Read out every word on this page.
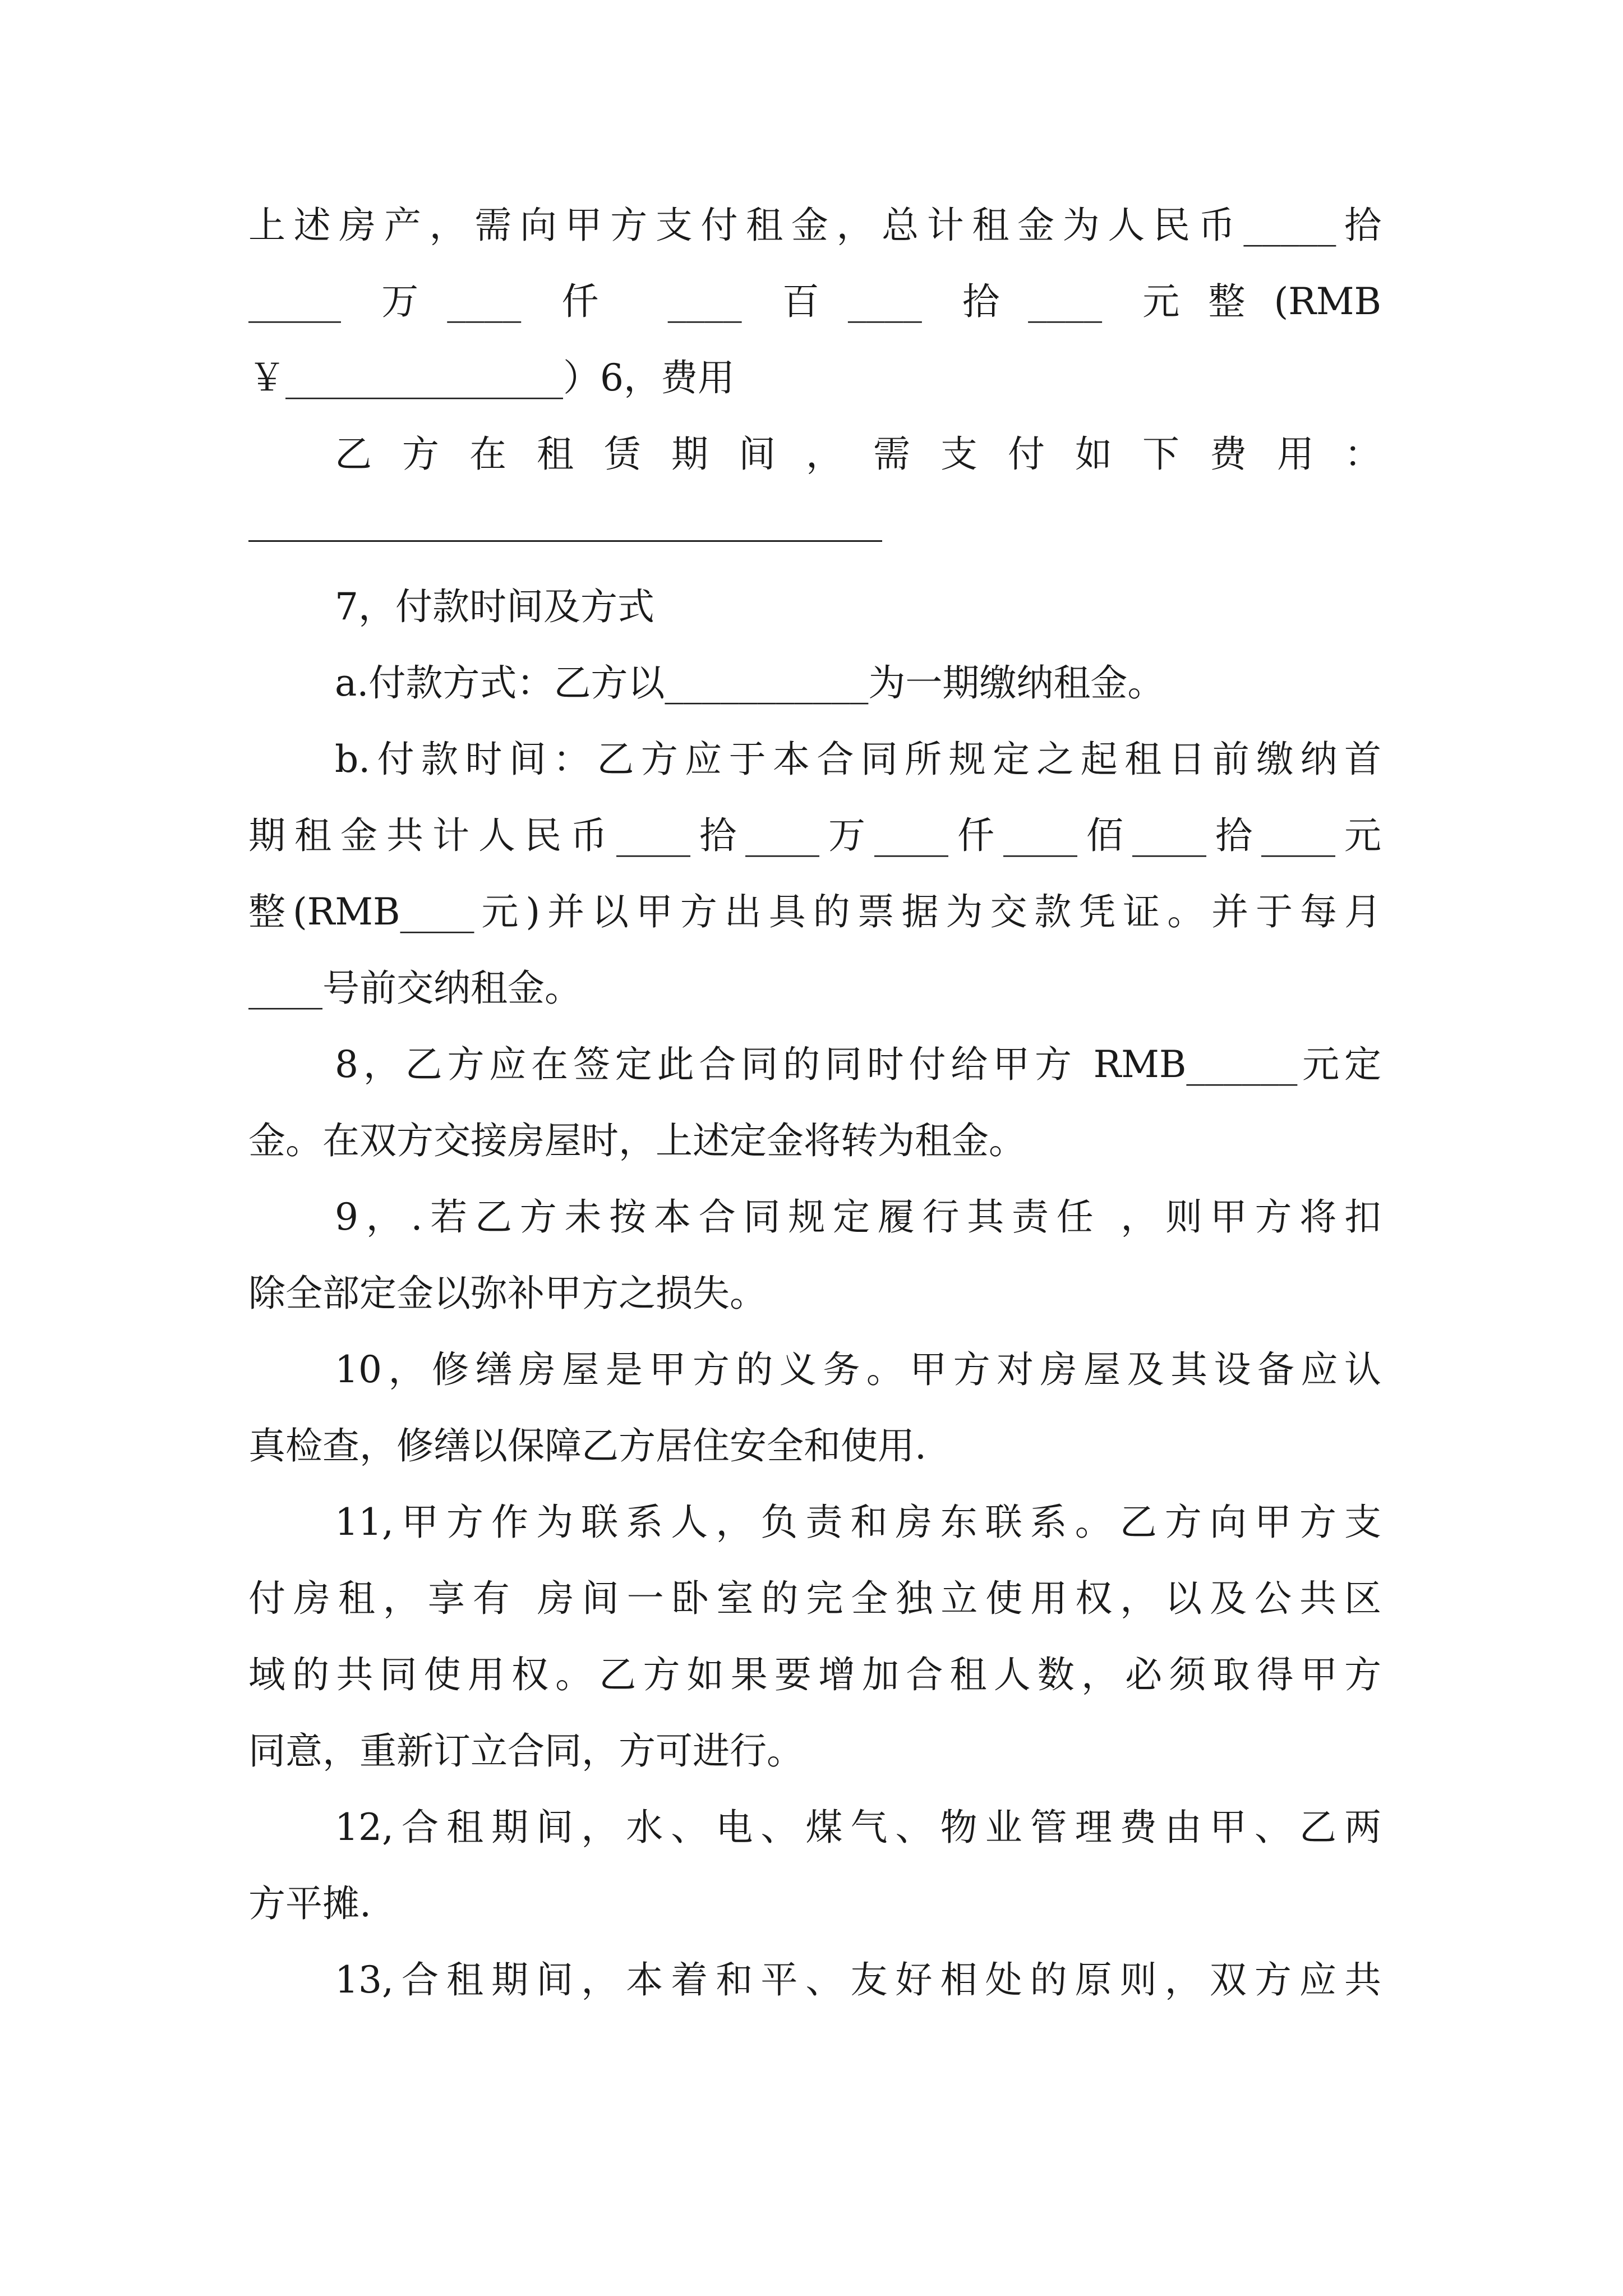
上述房产，需向甲方支付租金，总计租金为人民币_____拾
_____ 万____ 仟 ____ 百____ 拾____ 元整(RMB
￥_______________）6，费用
乙方在租赁期间，需支付如下费用：
7，付款时间及方式
a.付款方式：乙方以___________为一期缴纳租金。
b.付款时间：乙方应于本合同所规定之起租日前缴纳首
期租金共计人民币____拾____万____仟____佰____拾____元
整(RMB____元)并以甲方出具的票据为交款凭证。并于每月
____号前交纳租金。
8，乙方应在签定此合同的同时付给甲方 RMB______元定
金。在双方交接房屋时，上述定金将转为租金。
9，.若乙方未按本合同规定履行其责任 ，则甲方将扣
除全部定金以弥补甲方之损失。
10，修缮房屋是甲方的义务。甲方对房屋及其设备应认
真检查，修缮以保障乙方居住安全和使用.
11,甲方作为联系人，负责和房东联系。乙方向甲方支
付房租，享有 房间一卧室的完全独立使用权，以及公共区
域的共同使用权。乙方如果要增加合租人数，必须取得甲方
同意，重新订立合同，方可进行。
12,合租期间，水、电、煤气、物业管理费由甲、乙两
方平摊.
13,合租期间，本着和平、友好相处的原则，双方应共
